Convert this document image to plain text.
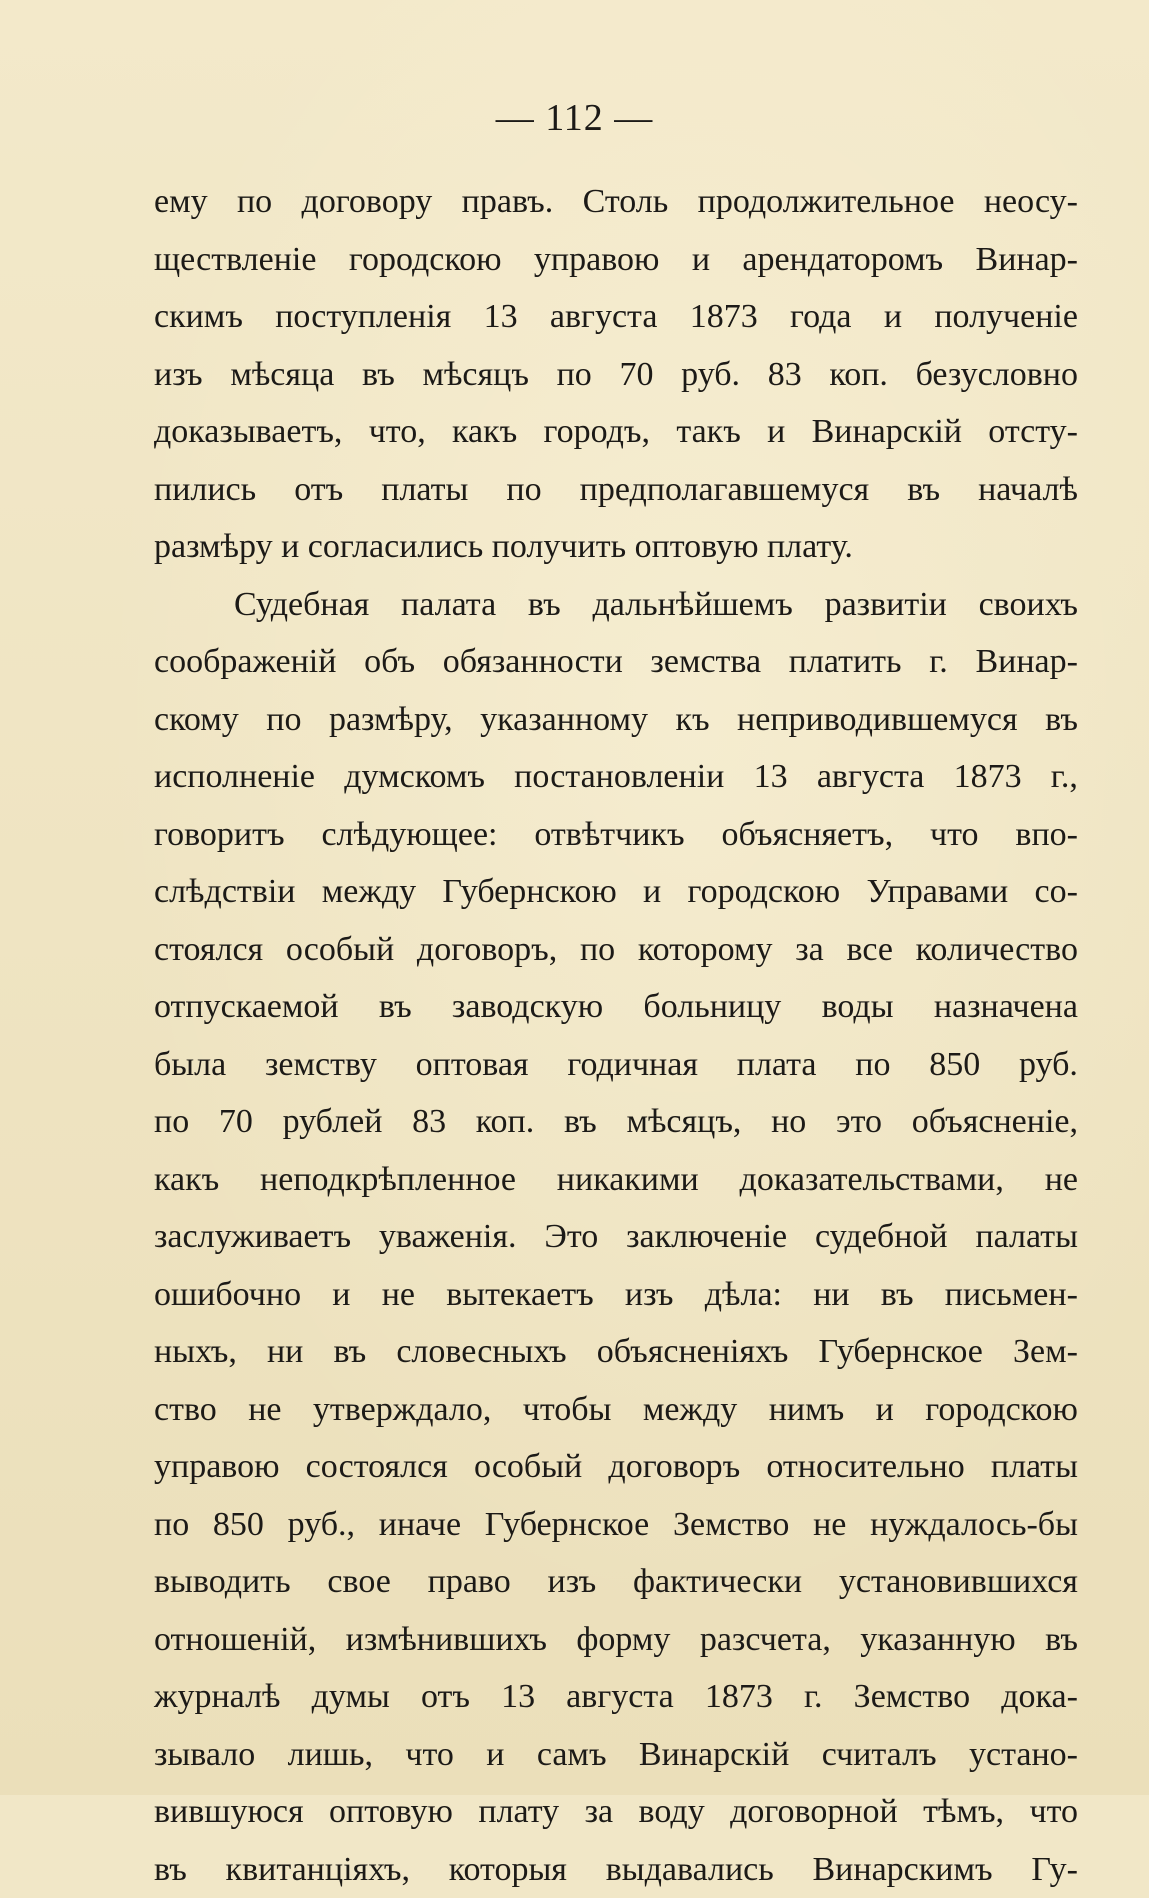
— 112 —
ему по договору правъ. Столь продолжительное неосу-
ществленіе городскою управою и арендаторомъ Винар-
скимъ поступленія 13 августа 1873 года и полученіе
изъ мѣсяца въ мѣсяцъ по 70 руб. 83 коп. безусловно
доказываетъ, что, какъ городъ, такъ и Винарскій отсту-
пились отъ платы по предполагавшемуся въ началѣ
размѣру
и
согласились
получить
оптовую
плату.
Судебная палата въ дальнѣйшемъ развитіи своихъ
соображеній объ обязанности земства платить г. Винар-
скому по размѣру, указанному къ неприводившемуся въ
исполненіе думскомъ постановленіи 13 августа 1873 г.,
говоритъ слѣдующее: отвѣтчикъ объясняетъ, что впо-
слѣдствіи между Губернскою и городскою Управами со-
стоялся особый договоръ, по которому за все количество
отпускаемой въ заводскую больницу воды назначена
была земству оптовая годичная плата по 850 руб.
по 70 рублей 83 коп. въ мѣсяцъ, но это объясненіе,
какъ неподкрѣпленное никакими доказательствами, не
заслуживаетъ уваженія. Это заключеніе судебной палаты
ошибочно и не вытекаетъ изъ дѣла: ни въ письмен-
ныхъ, ни въ словесныхъ объясненіяхъ Губернское Зем-
ство не утверждало, чтобы между нимъ и городскою
управою состоялся особый договоръ относительно платы
по 850 руб., иначе Губернское Земство не нуждалось-бы
выводить свое право изъ фактически установившихся
отношеній, измѣнившихъ форму разсчета, указанную въ
журналѣ думы отъ 13 августа 1873 г. Земство дока-
зывало лишь, что и самъ Винарскій считалъ устано-
вившуюся оптовую плату за воду договорной тѣмъ, что
въ квитанціяхъ, которыя выдавались Винарскимъ Гу-
